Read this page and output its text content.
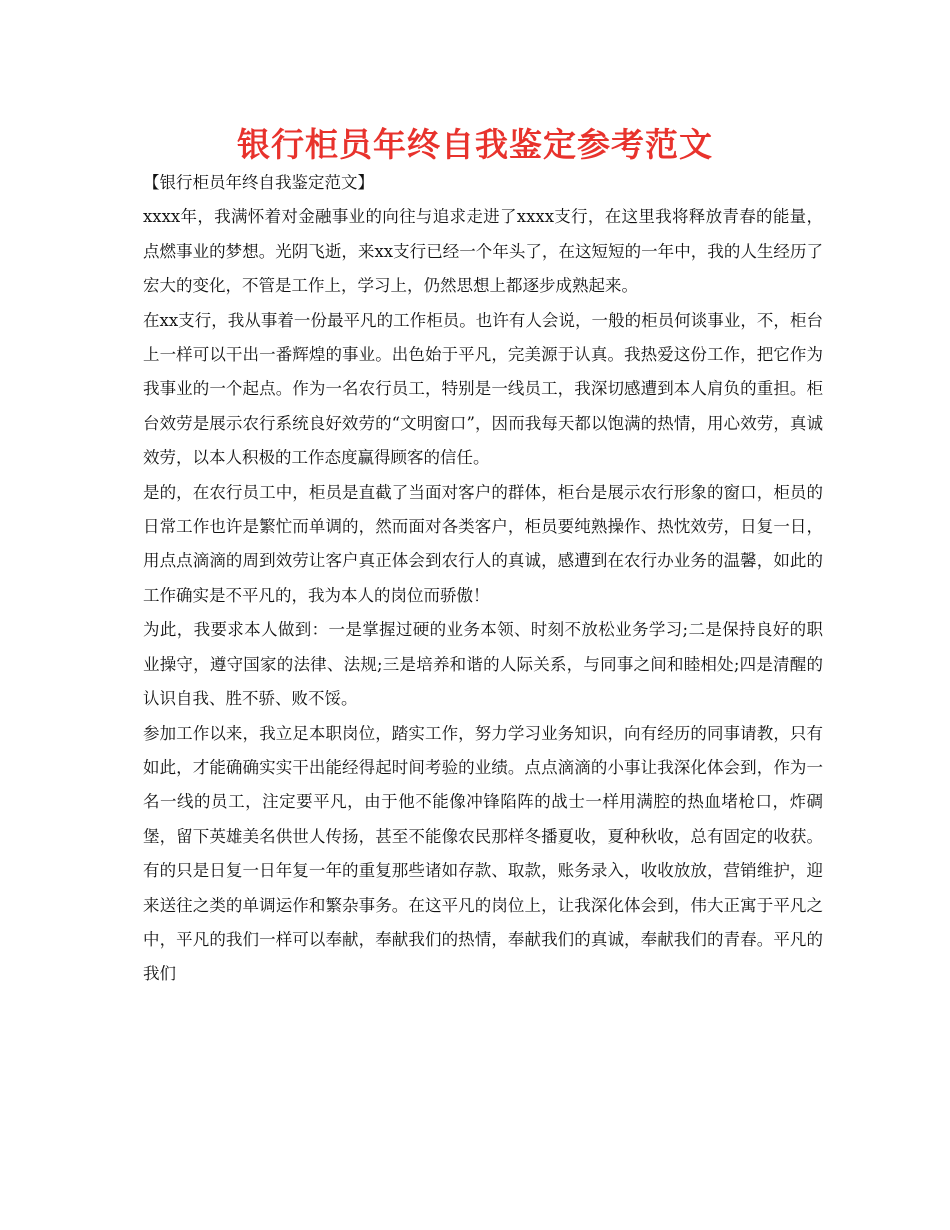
银行柜员年终自我鉴定参考范文

【银行柜员年终自我鉴定范文】

xxxx年，我满怀着对金融事业的向往与追求走进了xxxx支行，在这里我将释放青春的能量，点燃事业的梦想。光阴飞逝，来xx支行已经一个年头了，在这短短的一年中，我的人生经历了宏大的变化，不管是工作上，学习上，仍然思想上都逐步成熟起来。

在xx支行，我从事着一份最平凡的工作柜员。也许有人会说，一般的柜员何谈事业，不，柜台上一样可以干出一番辉煌的事业。出色始于平凡，完美源于认真。我热爱这份工作，把它作为我事业的一个起点。作为一名农行员工，特别是一线员工，我深切感遭到本人肩负的重担。柜台效劳是展示农行系统良好效劳的“文明窗口”，因而我每天都以饱满的热情，用心效劳，真诚效劳，以本人积极的工作态度赢得顾客的信任。

是的，在农行员工中，柜员是直截了当面对客户的群体，柜台是展示农行形象的窗口，柜员的日常工作也许是繁忙而单调的，然而面对各类客户，柜员要纯熟操作、热忱效劳，日复一日，用点点滴滴的周到效劳让客户真正体会到农行人的真诚，感遭到在农行办业务的温馨，如此的工作确实是不平凡的，我为本人的岗位而骄傲！

为此，我要求本人做到：一是掌握过硬的业务本领、时刻不放松业务学习;二是保持良好的职业操守，遵守国家的法律、法规;三是培养和谐的人际关系，与同事之间和睦相处;四是清醒的认识自我、胜不骄、败不馁。

参加工作以来，我立足本职岗位，踏实工作，努力学习业务知识，向有经历的同事请教，只有如此，才能确确实实干出能经得起时间考验的业绩。点点滴滴的小事让我深化体会到，作为一名一线的员工，注定要平凡，由于他不能像冲锋陷阵的战士一样用满腔的热血堵枪口，炸碉堡，留下英雄美名供世人传扬，甚至不能像农民那样冬播夏收，夏种秋收，总有固定的收获。有的只是日复一日年复一年的重复那些诸如存款、取款，账务录入，收收放放，营销维护，迎来送往之类的单调运作和繁杂事务。在这平凡的岗位上，让我深化体会到，伟大正寓于平凡之中，平凡的我们一样可以奉献，奉献我们的热情，奉献我们的真诚，奉献我们的青春。平凡的我们
